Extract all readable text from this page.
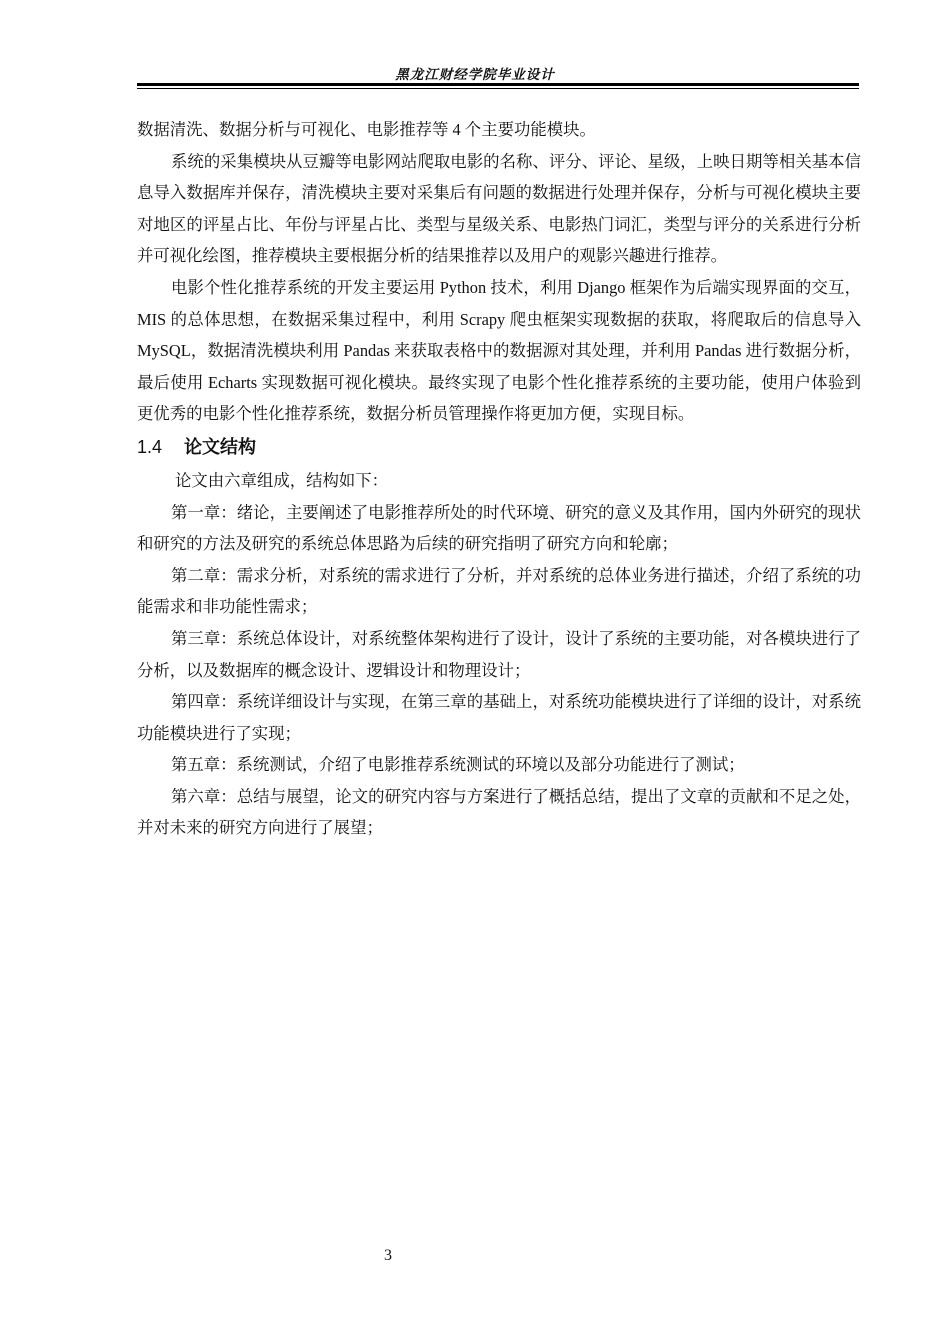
黑龙江财经学院毕业设计

数据清洗、数据分析与可视化、电影推荐等 4 个主要功能模块。

系统的采集模块从豆瓣等电影网站爬取电影的名称、评分、评论、星级，上映日期等相关基本信息导入数据库并保存，清洗模块主要对采集后有问题的数据进行处理并保存，分析与可视化模块主要对地区的评星占比、年份与评星占比、类型与星级关系、电影热门词汇，类型与评分的关系进行分析并可视化绘图，推荐模块主要根据分析的结果推荐以及用户的观影兴趣进行推荐。

电影个性化推荐系统的开发主要运用 Python 技术，利用 Django 框架作为后端实现界面的交互，MIS 的总体思想，在数据采集过程中，利用 Scrapy 爬虫框架实现数据的获取，将爬取后的信息导入 MySQL，数据清洗模块利用 Pandas 来获取表格中的数据源对其处理，并利用 Pandas 进行数据分析，最后使用 Echarts 实现数据可视化模块。最终实现了电影个性化推荐系统的主要功能，使用户体验到更优秀的电影个性化推荐系统，数据分析员管理操作将更加方便，实现目标。

1.4 论文结构

论文由六章组成，结构如下：

第一章：绪论，主要阐述了电影推荐所处的时代环境、研究的意义及其作用，国内外研究的现状和研究的方法及研究的系统总体思路为后续的研究指明了研究方向和轮廓；

第二章：需求分析，对系统的需求进行了分析，并对系统的总体业务进行描述，介绍了系统的功能需求和非功能性需求；

第三章：系统总体设计，对系统整体架构进行了设计，设计了系统的主要功能，对各模块进行了分析，以及数据库的概念设计、逻辑设计和物理设计；

第四章：系统详细设计与实现，在第三章的基础上，对系统功能模块进行了详细的设计，对系统功能模块进行了实现；

第五章：系统测试，介绍了电影推荐系统测试的环境以及部分功能进行了测试；

第六章：总结与展望，论文的研究内容与方案进行了概括总结，提出了文章的贡献和不足之处，并对未来的研究方向进行了展望；

3
